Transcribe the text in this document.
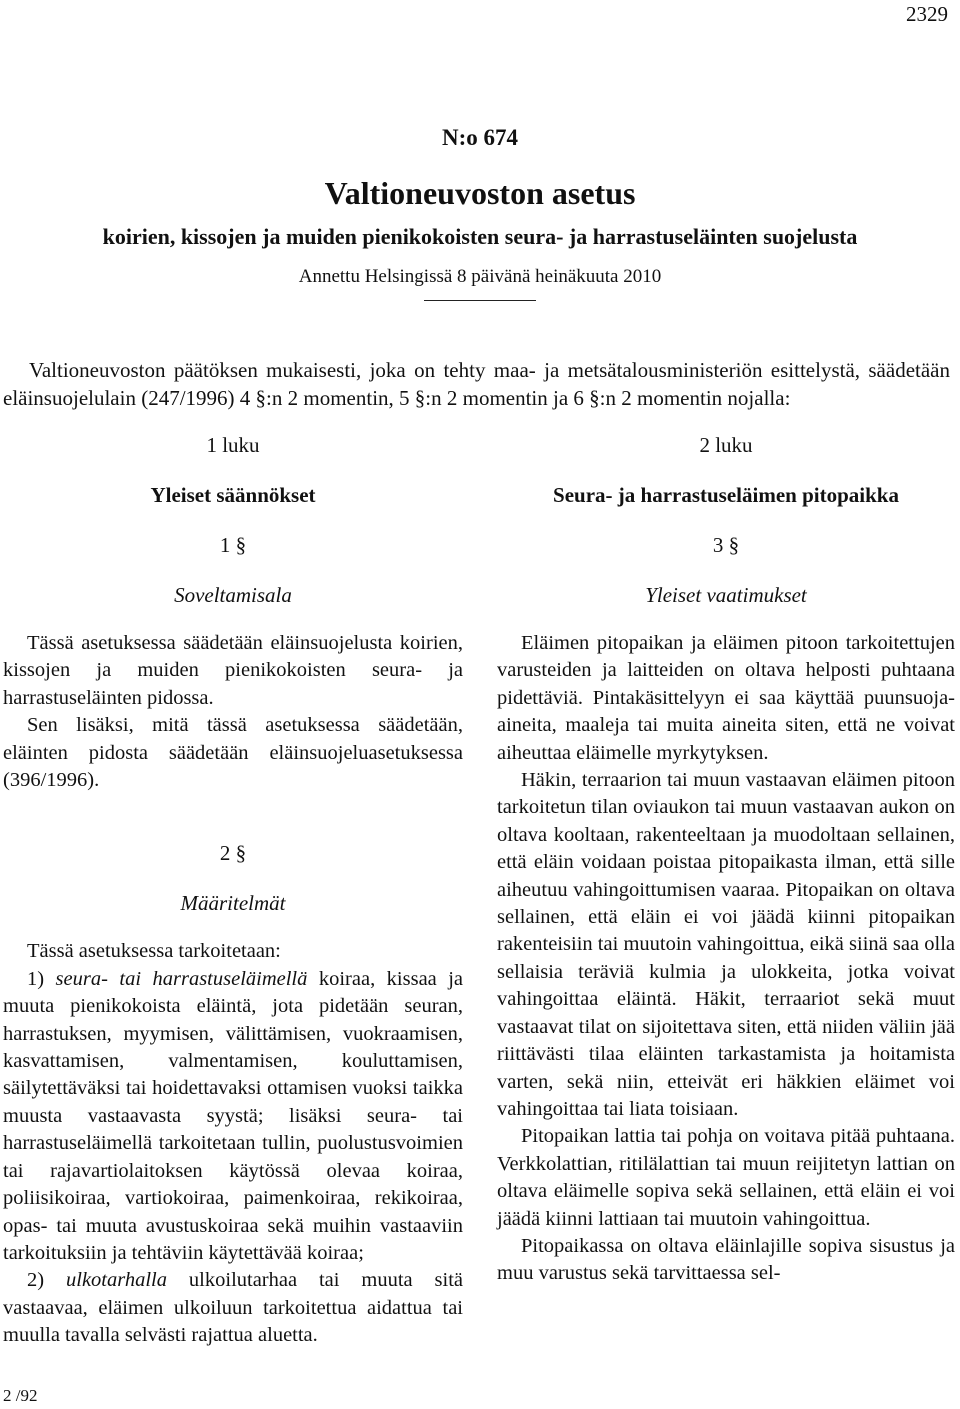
2329
N:o 674
Valtioneuvoston asetus
koirien, kissojen ja muiden pienikokoisten seura- ja harrastuseläinten suojelusta
Annettu Helsingissä 8 päivänä heinäkuuta 2010

Valtioneuvoston päätöksen mukaisesti, joka on tehty maa- ja metsätalousministeriön esittelystä, säädetään eläinsuojelulain (247/1996) 4 §:n 2 momentin, 5 §:n 2 momentin ja 6 §:n 2 momentin nojalla:

1 luku
Yleiset säännökset
1 §
Soveltamisala

Tässä asetuksessa säädetään eläinsuojelusta koirien, kissojen ja muiden pienikokoisten seura- ja harrastuseläinten pidossa.

Sen lisäksi, mitä tässä asetuksessa säädetään, eläinten pidosta säädetään eläinsuojeluasetuksessa (396/1996).

2 §
Määritelmät

Tässä asetuksessa tarkoitetaan:

1) seura- tai harrastuseläimellä koiraa, kissaa ja muuta pienikokoista eläintä, jota pidetään seuran, harrastuksen, myymisen, välittämisen, vuokraamisen, kasvattamisen, valmentamisen, kouluttamisen, säilytettäväksi tai hoidettavaksi ottamisen vuoksi taikka muusta vastaavasta syystä; lisäksi seura- tai harrastuseläimellä tarkoitetaan tullin, puolustusvoimien tai rajavartiolaitoksen käytössä olevaa koiraa, poliisikoiraa, vartiokoiraa, paimenkoiraa, rekikoiraa, opas- tai muuta avustuskoiraa sekä muihin vastaaviin tarkoituksiin ja tehtäviin käytettävää koiraa;

2) ulkotarhalla ulkoilutarhaa tai muuta sitä vastaavaa, eläimen ulkoiluun tarkoitettua aidattua tai muulla tavalla selvästi rajattua aluetta.

2 luku
Seura- ja harrastuseläimen pitopaikka
3 §
Yleiset vaatimukset

Eläimen pitopaikan ja eläimen pitoon tarkoitettujen varusteiden ja laitteiden on oltava helposti puhtaana pidettäviä. Pintakäsittelyyn ei saa käyttää puunsuoja-aineita, maaleja tai muita aineita siten, että ne voivat aiheuttaa eläimelle myrkytyksen.

Häkin, terraarion tai muun vastaavan eläimen pitoon tarkoitetun tilan oviaukon tai muun vastaavan aukon on oltava kooltaan, rakenteeltaan ja muodoltaan sellainen, että eläin voidaan poistaa pitopaikasta ilman, että sille aiheutuu vahingoittumisen vaaraa. Pitopaikan on oltava sellainen, että eläin ei voi jäädä kiinni pitopaikan rakenteisiin tai muutoin vahingoittua, eikä siinä saa olla sellaisia teräviä kulmia ja ulokkeita, jotka voivat vahingoittaa eläintä. Häkit, terraariot sekä muut vastaavat tilat on sijoitettava siten, että niiden väliin jää riittävästi tilaa eläinten tarkastamista ja hoitamista varten, sekä niin, etteivät eri häkkien eläimet voi vahingoittaa tai liata toisiaan.

Pitopaikan lattia tai pohja on voitava pitää puhtaana. Verkkolattian, ritilälattian tai muun reijitetyn lattian on oltava eläimelle sopiva sekä sellainen, että eläin ei voi jäädä kiinni lattiaan tai muutoin vahingoittua.

Pitopaikassa on oltava eläinlajille sopiva sisustus ja muu varustus sekä tarvittaessa sel-

2 /92
